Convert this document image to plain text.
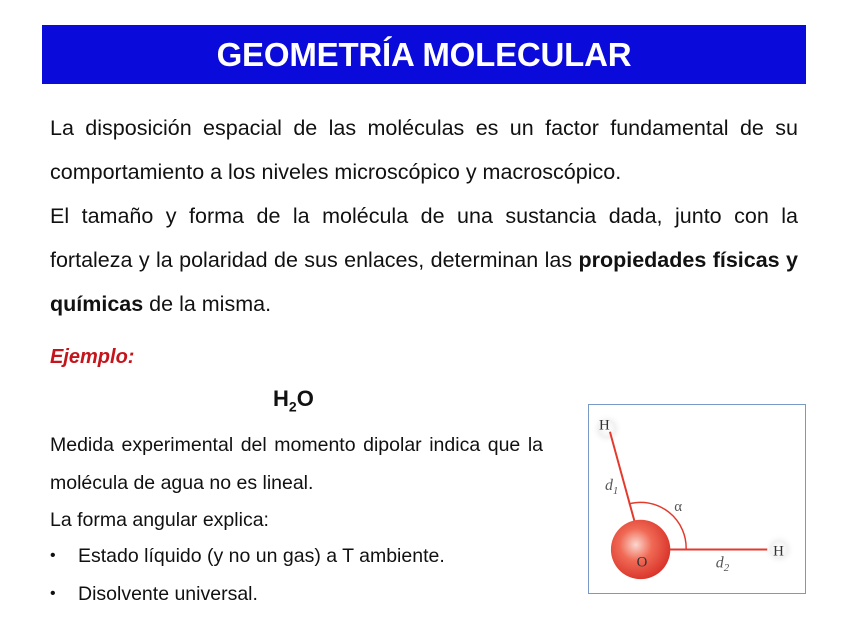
GEOMETRÍA MOLECULAR
La disposición espacial de las moléculas es un factor fundamental de su comportamiento a los niveles microscópico y macroscópico.
El tamaño y forma de la molécula de una sustancia dada, junto con la fortaleza y la polaridad de sus enlaces, determinan las propiedades físicas y químicas de la misma.
Ejemplo:
$H_2O$
Medida experimental del momento dipolar indica que la molécula de agua no es lineal.
La forma angular explica:
• Estado líquido (y no un gas) a T ambiente.
• Disolvente universal.
H
H
O
$d_1$
$d_2$
α
